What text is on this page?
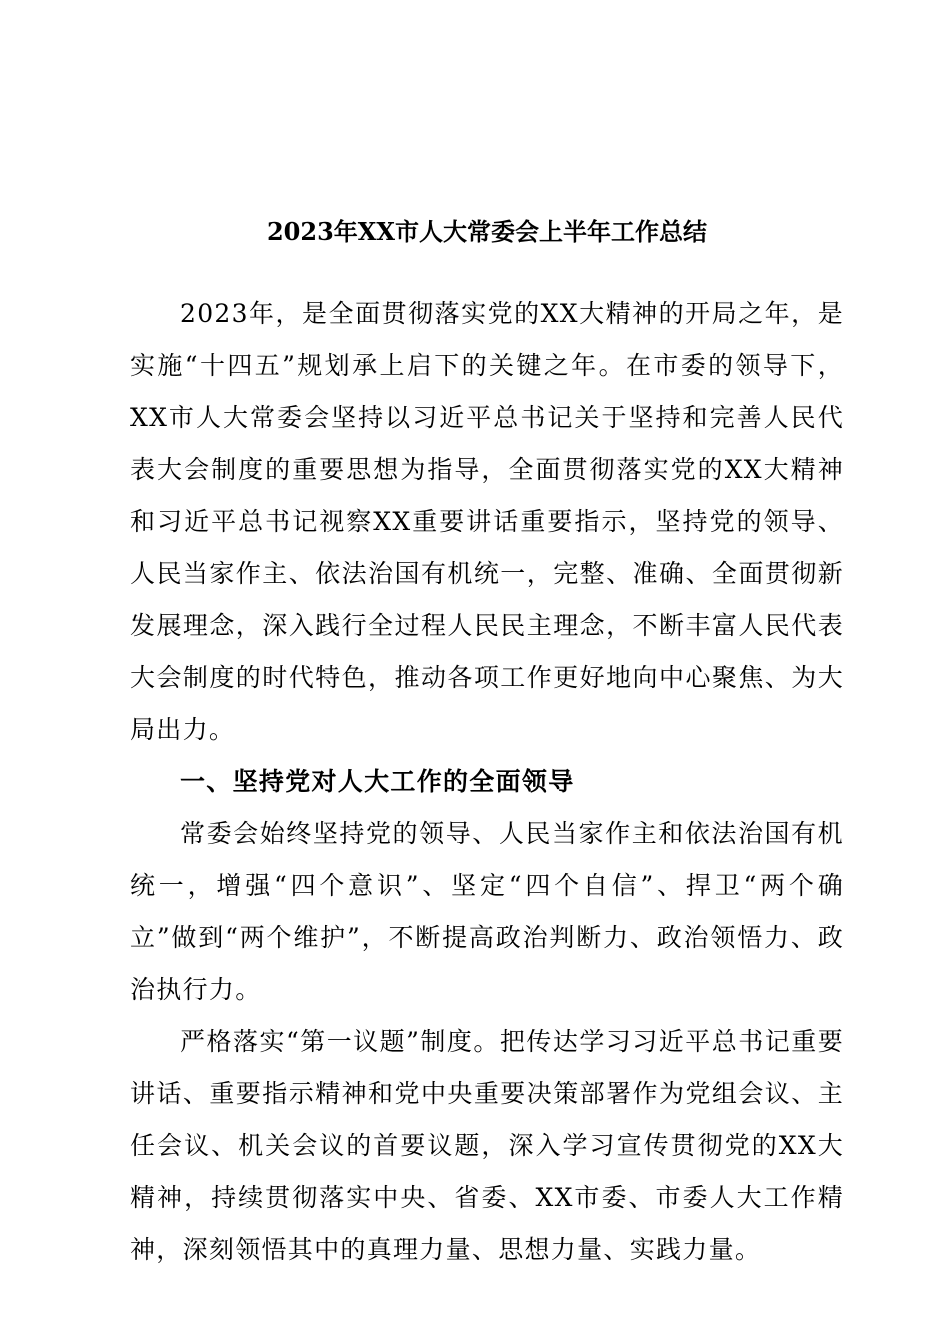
2023年XX市人大常委会上半年工作总结

2023年，是全面贯彻落实党的XX大精神的开局之年，是实施“十四五”规划承上启下的关键之年。在市委的领导下，XX市人大常委会坚持以习近平总书记关于坚持和完善人民代表大会制度的重要思想为指导，全面贯彻落实党的XX大精神和习近平总书记视察XX重要讲话重要指示，坚持党的领导、人民当家作主、依法治国有机统一，完整、准确、全面贯彻新发展理念，深入践行全过程人民民主理念，不断丰富人民代表大会制度的时代特色，推动各项工作更好地向中心聚焦、为大局出力。

一、坚持党对人大工作的全面领导

常委会始终坚持党的领导、人民当家作主和依法治国有机统一，增强“四个意识”、坚定“四个自信”、捍卫“两个确立”做到“两个维护”，不断提高政治判断力、政治领悟力、政治执行力。

严格落实“第一议题”制度。把传达学习习近平总书记重要讲话、重要指示精神和党中央重要决策部署作为党组会议、主任会议、机关会议的首要议题，深入学习宣传贯彻党的XX大精神，持续贯彻落实中央、省委、XX市委、市委人大工作精神，深刻领悟其中的真理力量、思想力量、实践力量。
